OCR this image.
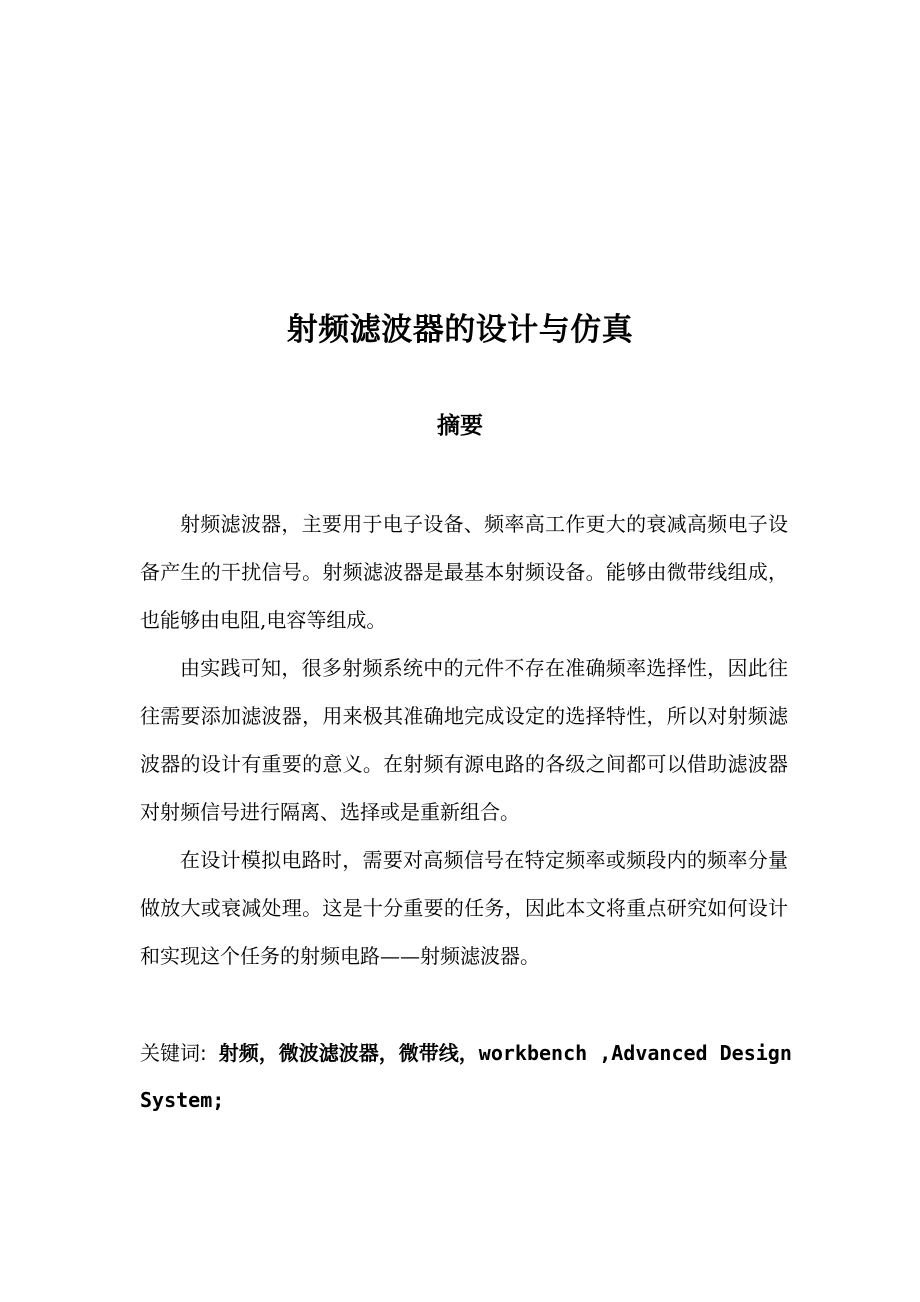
射频滤波器的设计与仿真
摘要

射频滤波器，主要用于电子设备、频率高工作更大的衰减高频电子设备产生的干扰信号。射频滤波器是最基本射频设备。能够由微带线组成，也能够由电阻,电容等组成。

由实践可知，很多射频系统中的元件不存在准确频率选择性，因此往往需要添加滤波器，用来极其准确地完成设定的选择特性，所以对射频滤波器的设计有重要的意义。在射频有源电路的各级之间都可以借助滤波器对射频信号进行隔离、选择或是重新组合。

在设计模拟电路时，需要对高频信号在特定频率或频段内的频率分量做放大或衰减处理。这是十分重要的任务，因此本文将重点研究如何设计和实现这个任务的射频电路——射频滤波器。

关键词: 射频，微波滤波器，微带线，workbench ,Advanced Design System;
